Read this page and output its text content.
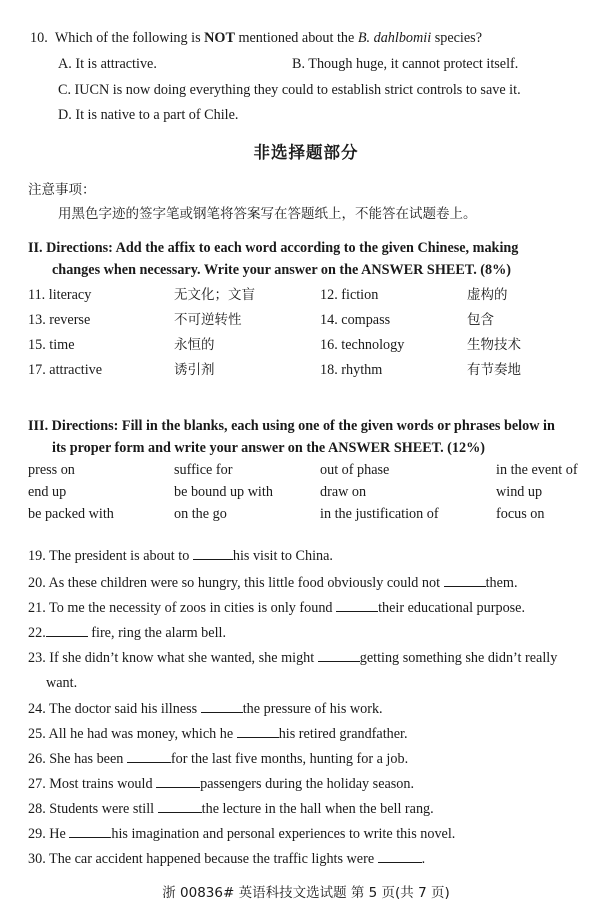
10. Which of the following is NOT mentioned about the B. dahlbomii species?
A. It is attractive.	B. Though huge, it cannot protect itself.
C. IUCN is now doing everything they could to establish strict controls to save it.
D. It is native to a part of Chile.
非选择题部分
注意事项：
用黑色字迹的签字笔或钢笔将答案写在答题纸上，不能答在试题卷上。
II. Directions: Add the affix to each word according to the given Chinese, making
changes when necessary. Write your answer on the ANSWER SHEET. (8%)
11. literacy	无文化；文盲	12. fiction	虚构的
13. reverse	不可逆转性	14. compass	包含
15. time	永恒的	16. technology	生物技术
17. attractive	诱引剂	18. rhythm	有节奏地
III. Directions: Fill in the blanks, each using one of the given words or phrases below in
its proper form and write your answer on the ANSWER SHEET. (12%)
press on	suffice for	out of phase	in the event of
end up	be bound up with	draw on	wind up
be packed with	on the go	in the justification of	focus on
19. The president is about to	his visit to China.
20. As these children were so hungry, this little food obviously could not	them.
21. To me the necessity of zoos in cities is only found	their educational purpose.
22.	fire, ring the alarm bell.
23. If she didn’t know what she wanted, she might	getting something she didn’t really
want.
24. The doctor said his illness	the pressure of his work.
25. All he had was money, which he	his retired grandfather.
26. She has been	for the last five months, hunting for a job.
27. Most trains would	passengers during the holiday season.
28. Students were still	the lecture in the hall when the bell rang.
29. He	his imagination and personal experiences to write this novel.
30. The car accident happened because the traffic lights were	.
浙 00836# 英语科技文选试题 第 5 页(共 7 页)
